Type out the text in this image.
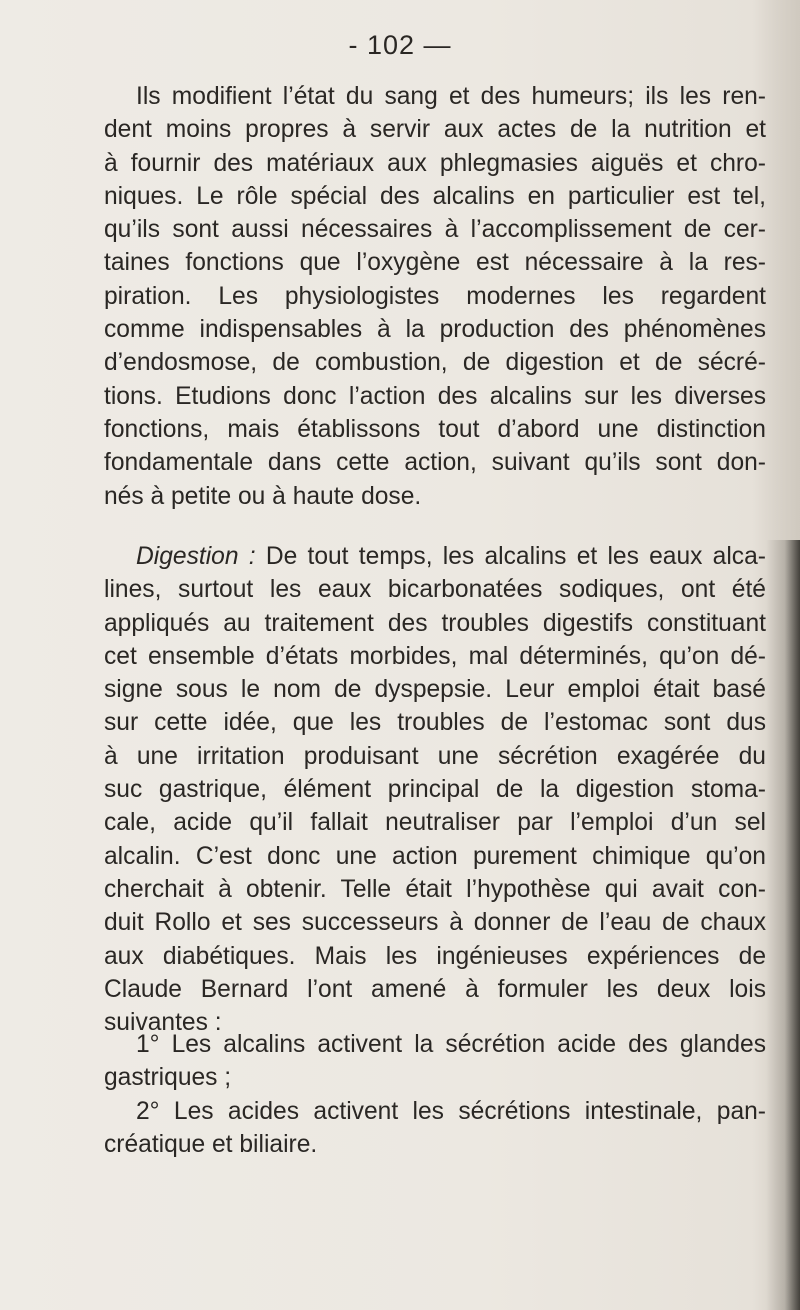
- 102 —
Ils modifient l’état du sang et des humeurs; ils les ren-
dent moins propres à servir aux actes de la nutrition et
à fournir des matériaux aux phlegmasies aiguës et chro-
niques. Le rôle spécial des alcalins en particulier est tel,
qu’ils sont aussi nécessaires à l’accomplissement de cer-
taines fonctions que l’oxygène est nécessaire à la res-
piration. Les physiologistes modernes les regardent
comme indispensables à la production des phénomènes
d’endosmose, de combustion, de digestion et de sécré-
tions. Etudions donc l’action des alcalins sur les diverses
fonctions, mais établissons tout d’abord une distinction
fondamentale dans cette action, suivant qu’ils sont don-
nés à petite ou à haute dose.
Digestion : De tout temps, les alcalins et les eaux alca-
lines, surtout les eaux bicarbonatées sodiques, ont été
appliqués au traitement des troubles digestifs constituant
cet ensemble d’états morbides, mal déterminés, qu’on dé-
signe sous le nom de dyspepsie. Leur emploi était basé
sur cette idée, que les troubles de l’estomac sont dus
à une irritation produisant une sécrétion exagérée du
suc gastrique, élément principal de la digestion stoma-
cale, acide qu’il fallait neutraliser par l’emploi d’un sel
alcalin. C’est donc une action purement chimique qu’on
cherchait à obtenir. Telle était l’hypothèse qui avait con-
duit Rollo et ses successeurs à donner de l’eau de chaux
aux diabétiques. Mais les ingénieuses expériences de
Claude Bernard l’ont amené à formuler les deux lois
suivantes :
1° Les alcalins activent la sécrétion acide des glandes
gastriques ;
2° Les acides activent les sécrétions intestinale, pan-
créatique et biliaire.
